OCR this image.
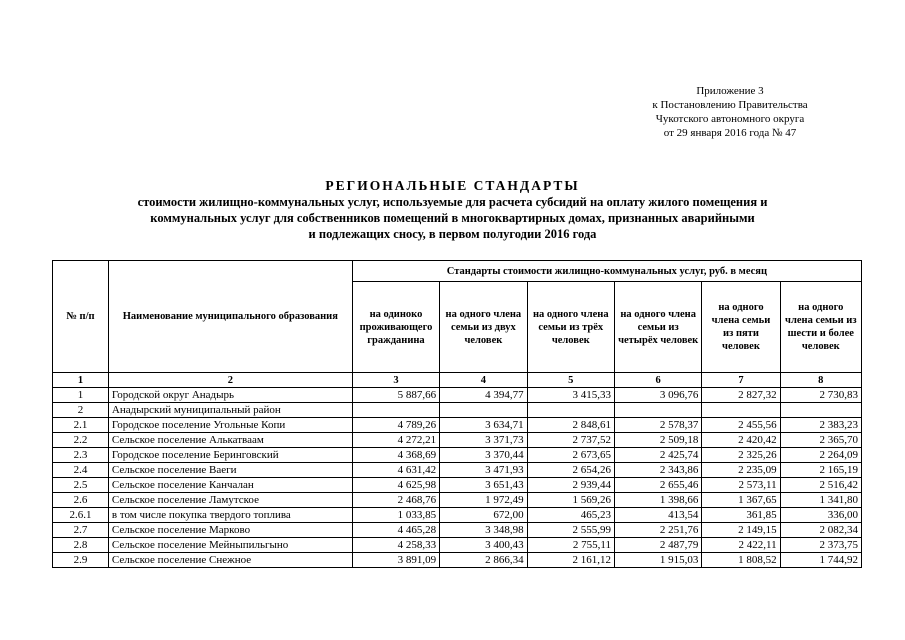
Приложение 3
к Постановлению Правительства
Чукотского автономного округа
от 29 января 2016 года № 47
РЕГИОНАЛЬНЫЕ СТАНДАРТЫ
стоимости жилищно-коммунальных услуг, используемые для расчета субсидий на оплату жилого помещения и
коммунальных услуг для собственников помещений в многоквартирных домах, признанных аварийными
и подлежащих сносу, в первом полугодии 2016 года
№ п/п	Наименование муниципального образования	Стандарты стоимости жилищно-коммунальных услуг, руб. в месяц					
		на одиноко проживающего гражданина	на одного члена семьи из двух человек	на одного члена семьи из трёх человек	на одного члена семьи из четырёх человек	на одного члена семьи из пяти человек	на одного члена семьи из шести и более человек
1	2	3	4	5	6	7	8
1	Городской округ Анадырь	5 887,66	4 394,77	3 415,33	3 096,76	2 827,32	2 730,83
2	Анадырский муниципальный район						
2.1	Городское поселение Угольные Копи	4 789,26	3 634,71	2 848,61	2 578,37	2 455,56	2 383,23
2.2	Сельское поселение Алькатваам	4 272,21	3 371,73	2 737,52	2 509,18	2 420,42	2 365,70
2.3	Городское поселение Беринговский	4 368,69	3 370,44	2 673,65	2 425,74	2 325,26	2 264,09
2.4	Сельское поселение Ваеги	4 631,42	3 471,93	2 654,26	2 343,86	2 235,09	2 165,19
2.5	Сельское поселение Канчалан	4 625,98	3 651,43	2 939,44	2 655,46	2 573,11	2 516,42
2.6	Сельское поселение Ламутское	2 468,76	1 972,49	1 569,26	1 398,66	1 367,65	1 341,80
2.6.1	в том числе покупка твердого топлива	1 033,85	672,00	465,23	413,54	361,85	336,00
2.7	Сельское поселение Марково	4 465,28	3 348,98	2 555,99	2 251,76	2 149,15	2 082,34
2.8	Сельское поселение Мейныпильгыно	4 258,33	3 400,43	2 755,11	2 487,79	2 422,11	2 373,75
2.9	Сельское поселение Снежное	3 891,09	2 866,34	2 161,12	1 915,03	1 808,52	1 744,92
